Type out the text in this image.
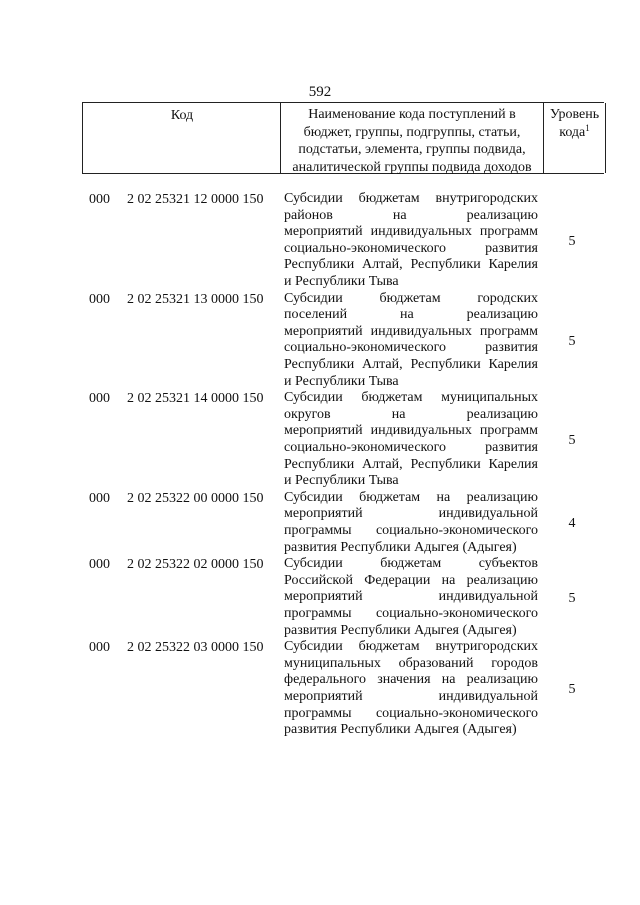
592
Код	Наименование кода поступлений в
бюджет, группы, подгруппы, статьи,
подстатьи, элемента, группы подвида,
аналитической группы подвида доходов
Уровень
кода$^1$
000 2 02 25321 12 0000 150 Субсидии бюджетам внутригородских
районов на реализацию
мероприятий индивидуальных программ
социально-экономического развития
Республики Алтай, Республики Карелия
и Республики Тыва
5
000 2 02 25321 13 0000 150 Субсидии бюджетам городских
поселений на реализацию
мероприятий индивидуальных программ
социально-экономического развития
Республики Алтай, Республики Карелия
и Республики Тыва
5
000 2 02 25321 14 0000 150 Субсидии бюджетам муниципальных
округов на реализацию
мероприятий индивидуальных программ
социально-экономического развития
Республики Алтай, Республики Карелия
и Республики Тыва
5
000 2 02 25322 00 0000 150 Субсидии бюджетам на реализацию
мероприятий индивидуальной
программы социально-экономического
развития Республики Адыгея (Адыгея)
4
000 2 02 25322 02 0000 150 Субсидии бюджетам субъектов
Российской Федерации на реализацию
мероприятий индивидуальной
программы социально-экономического
развития Республики Адыгея (Адыгея)
5
000 2 02 25322 03 0000 150 Субсидии бюджетам внутригородских
муниципальных образований городов
федерального значения на реализацию
мероприятий индивидуальной
программы социально-экономического
развития Республики Адыгея (Адыгея)
5
